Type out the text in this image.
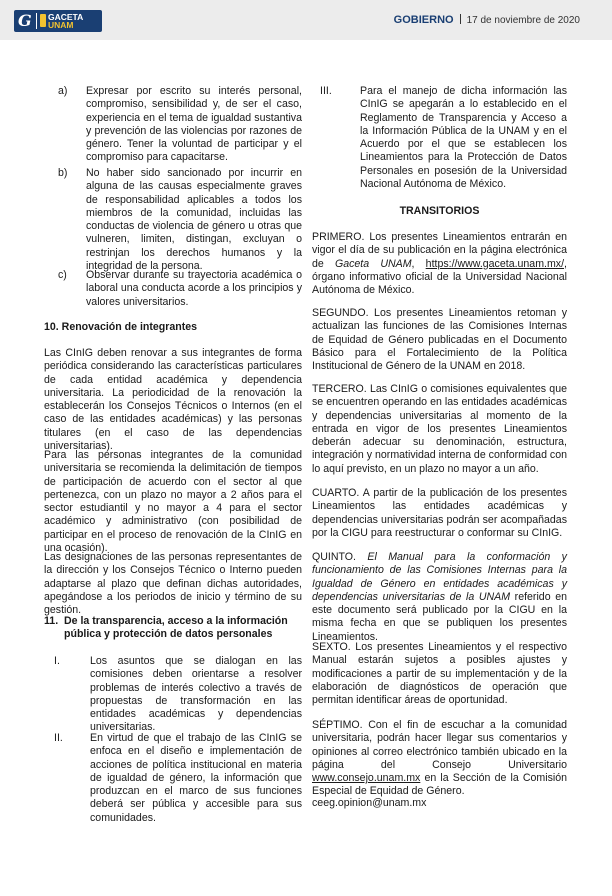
G GACETA
UNAM	GOBIERNO 17 de noviembre de 2020
a) Expresar por escrito su interés personal, compromiso, sensibilidad y, de ser el caso, experiencia en el tema de igualdad sustantiva y prevención de las violencias por razones de género. Tener la voluntad de participar y el compromiso para capacitarse.
b) No haber sido sancionado por incurrir en alguna de las causas especialmente graves de responsabilidad aplicables a todos los miembros de la comunidad, incluidas las conductas de violencia de género u otras que vulneren, limiten, distingan, excluyan o restrinjan los derechos humanos y la integridad de la persona.
c) Observar durante su trayectoria académica o laboral una conducta acorde a los principios y valores universitarios.
10. Renovación de integrantes

Las CInIG deben renovar a sus integrantes de forma periódica considerando las características particulares de cada entidad académica y dependencia universitaria. La periodicidad de la renovación la establecerán los Consejos Técnicos o Internos (en el caso de las entidades académicas) y las personas titulares (en el caso de las dependencias universitarias).

Para las personas integrantes de la comunidad universitaria se recomienda la delimitación de tiempos de participación de acuerdo con el sector al que pertenezca, con un plazo no mayor a 2 años para el sector estudiantil y no mayor a 4 para el sector académico y administrativo (con posibilidad de participar en el proceso de renovación de la CInIG en una ocasión).

Las designaciones de las personas representantes de la dirección y los Consejos Técnico o Interno pueden adaptarse al plazo que definan dichas autoridades, apegándose a los periodos de inicio y término de su gestión.

11. De la transparencia, acceso a la información pública y protección de datos personales
I.	Los asuntos que se dialogan en las comisiones deben orientarse a resolver problemas de interés colectivo a través de propuestas de transformación en las entidades académicas y dependencias universitarias.
II.	En virtud de que el trabajo de las CInIG se enfoca en el diseño e implementación de acciones de política institucional en materia de igualdad de género, la información que produzcan en el marco de sus funciones deberá ser pública y accesible para sus comunidades.
III.	Para el manejo de dicha información las CInIG se apegarán a lo establecido en el Reglamento de Transparencia y Acceso a la Información Pública de la UNAM y en el Acuerdo por el que se establecen los Lineamientos para la Protección de Datos Personales en posesión de la Universidad Nacional Autónoma de México.
TRANSITORIOS

PRIMERO. Los presentes Lineamientos entrarán en vigor el día de su publicación en la página electrónica de Gaceta UNAM, https://www.gaceta.unam.mx/, órgano informativo oficial de la Universidad Nacional Autónoma de México.

SEGUNDO. Los presentes Lineamientos retoman y actualizan las funciones de las Comisiones Internas de Equidad de Género publicadas en el Documento Básico para el Fortalecimiento de la Política Institucional de Género de la UNAM en 2018.

TERCERO. Las CInIG o comisiones equivalentes que se encuentren operando en las entidades académicas y dependencias universitarias al momento de la entrada en vigor de los presentes Lineamientos deberán adecuar su denominación, estructura, integración y normatividad interna de conformidad con lo aquí previsto, en un plazo no mayor a un año.

CUARTO. A partir de la publicación de los presentes Lineamientos las entidades académicas y dependencias universitarias podrán ser acompañadas por la CIGU para reestructurar o conformar su CInIG.

QUINTO. El Manual para la conformación y funcionamiento de las Comisiones Internas para la Igualdad de Género en entidades académicas y dependencias universitarias de la UNAM referido en este documento será publicado por la CIGU en la misma fecha en que se publiquen los presentes Lineamientos.

SEXTO. Los presentes Lineamientos y el respectivo Manual estarán sujetos a posibles ajustes y modificaciones a partir de su implementación y de la elaboración de diagnósticos de operación que permitan identificar áreas de oportunidad.

SÉPTIMO. Con el fin de escuchar a la comunidad universitaria, podrán hacer llegar sus comentarios y opiniones al correo electrónico también ubicado en la página del Consejo Universitario www.consejo.unam.mx en la Sección de la Comisión Especial de Equidad de Género.

ceeg.opinion@unam.mx
